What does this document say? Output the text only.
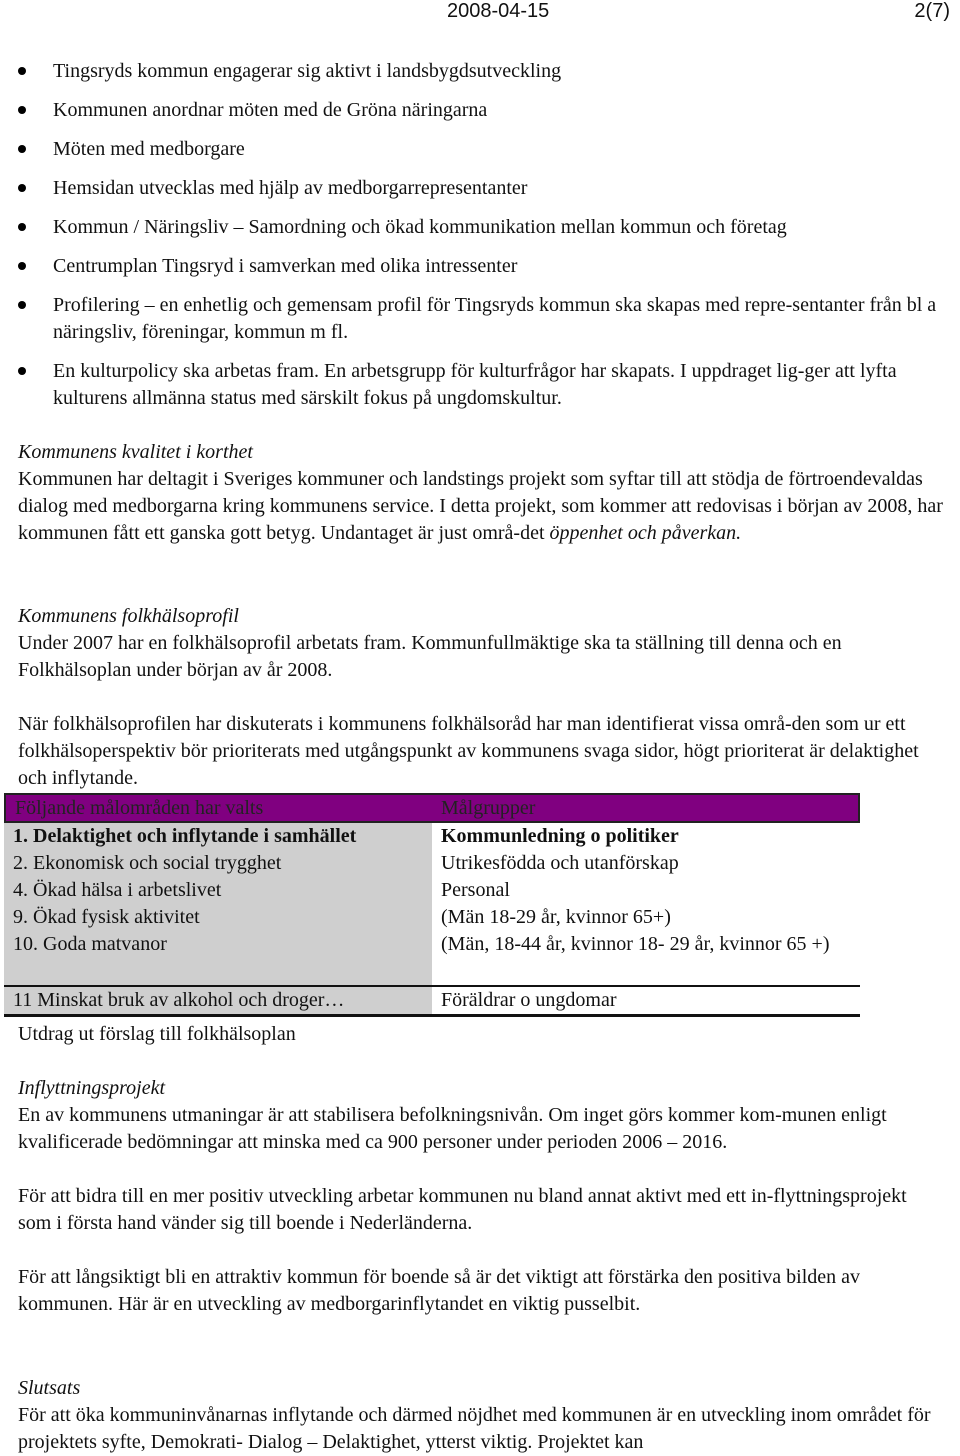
2008-04-15	2(7)
Tingsryds kommun engagerar sig aktivt i landsbygdsutveckling
Kommunen anordnar möten med de Gröna näringarna
Möten med medborgare
Hemsidan utvecklas med hjälp av medborgarrepresentanter
Kommun / Näringsliv – Samordning och ökad kommunikation mellan kommun och företag
Centrumplan Tingsryd i samverkan med olika intressenter
Profilering – en enhetlig och gemensam profil för Tingsryds kommun ska skapas med repre-sentanter från bl a näringsliv, föreningar, kommun m fl.
En kulturpolicy ska arbetas fram. En arbetsgrupp för kulturfrågor har skapats. I uppdraget lig-ger att lyfta kulturens allmänna status med särskilt fokus på ungdomskultur.
Kommunens kvalitet i korthet
Kommunen har deltagit i Sveriges kommuner och landstings projekt som syftar till att stödja de förtroendevaldas dialog med medborgarna kring kommunens service. I detta projekt, som kommer att redovisas i början av 2008, har kommunen fått ett ganska gott betyg. Undantaget är just områ-det öppenhet och påverkan.
Kommunens folkhälsoprofil
Under 2007 har en folkhälsoprofil arbetats fram. Kommunfullmäktige ska ta ställning till denna och en Folkhälsoplan under början av år 2008.
När folkhälsoprofilen har diskuterats i kommunens folkhälsoråd har man identifierat vissa områ-den som ur ett folkhälsoperspektiv bör prioriterats med utgångspunkt av kommunens svaga sidor, högt prioriterat är delaktighet och inflytande.
Följande målområden har valts	Målgrupper
1. Delaktighet och inflytande i samhället	Kommunledning o politiker
2. Ekonomisk och social trygghet	Utrikesfödda och utanförskap
4. Ökad hälsa i arbetslivet	Personal
9. Ökad fysisk aktivitet	(Män 18-29 år, kvinnor 65+)
10. Goda matvanor	(Män, 18-44 år, kvinnor 18- 29 år, kvinnor 65 +)
11 Minskat bruk av alkohol och droger…	Föräldrar o ungdomar
Utdrag ut förslag till folkhälsoplan
Inflyttningsprojekt
En av kommunens utmaningar är att stabilisera befolkningsnivån. Om inget görs kommer kom-munen enligt kvalificerade bedömningar att minska med ca 900 personer under perioden 2006 – 2016.
För att bidra till en mer positiv utveckling arbetar kommunen nu bland annat aktivt med ett in-flyttningsprojekt som i första hand vänder sig till boende i Nederländerna.
För att långsiktigt bli en attraktiv kommun för boende så är det viktigt att förstärka den positiva bilden av kommunen. Här är en utveckling av medborgarinflytandet en viktig pusselbit.
Slutsats
För att öka kommuninvånarnas inflytande och därmed nöjdhet med kommunen är en utveckling inom området för projektets syfte, Demokrati- Dialog – Delaktighet, ytterst viktig. Projektet kan
